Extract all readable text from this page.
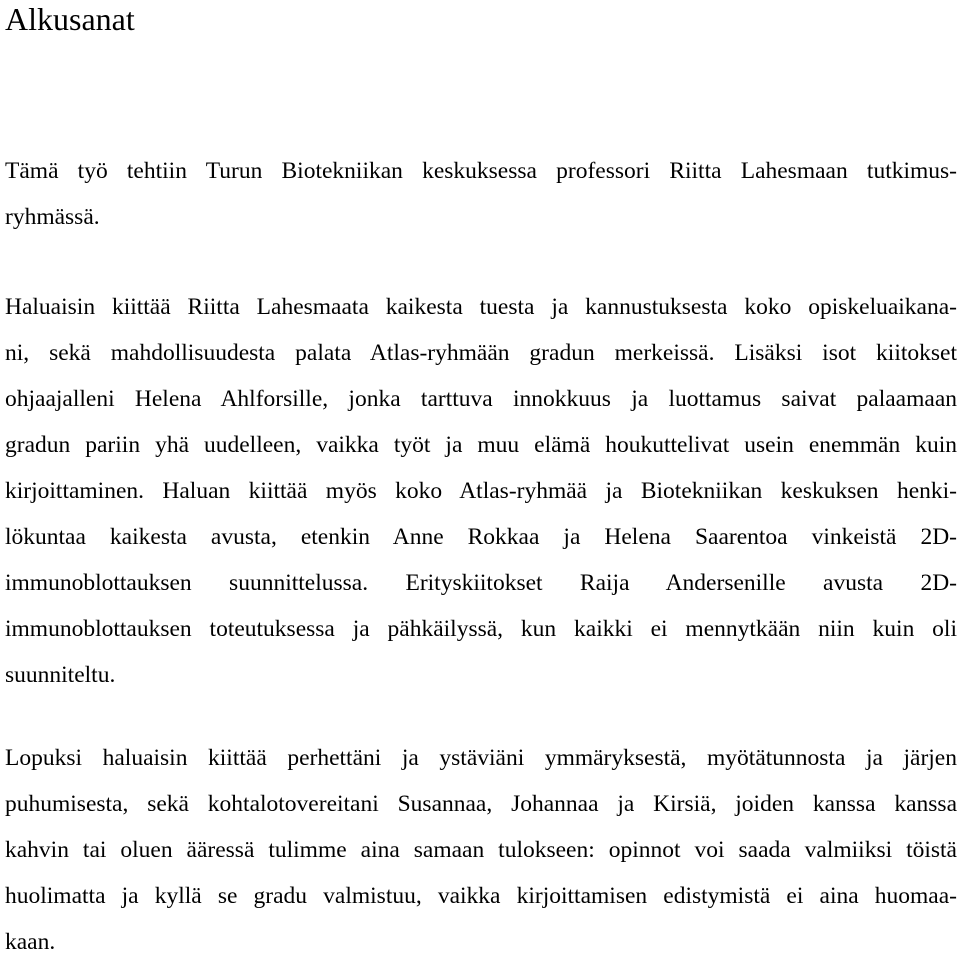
Alkusanat
Tämä työ tehtiin Turun Biotekniikan keskuksessa professori Riitta Lahesmaan tutkimus-
ryhmässä.
Haluaisin kiittää Riitta Lahesmaata kaikesta tuesta ja kannustuksesta koko opiskeluaikana-
ni, sekä mahdollisuudesta palata Atlas-ryhmään gradun merkeissä. Lisäksi isot kiitokset
ohjaajalleni Helena Ahlforsille, jonka tarttuva innokkuus ja luottamus saivat palaamaan
gradun pariin yhä uudelleen, vaikka työt ja muu elämä houkuttelivat usein enemmän kuin
kirjoittaminen. Haluan kiittää myös koko Atlas-ryhmää ja Biotekniikan keskuksen henki-
lökuntaa kaikesta avusta, etenkin Anne Rokkaa ja Helena Saarentoa vinkeistä 2D-
immunoblottauksen suunnittelussa. Erityskiitokset Raija Andersenille avusta 2D-
immunoblottauksen toteutuksessa ja pähkäilyssä, kun kaikki ei mennytkään niin kuin oli
suunniteltu.
Lopuksi haluaisin kiittää perhettäni ja ystäviäni ymmäryksestä, myötätunnosta ja järjen
puhumisesta, sekä kohtalotovereitani Susannaa, Johannaa ja Kirsiä, joiden kanssa kanssa
kahvin tai oluen ääressä tulimme aina samaan tulokseen: opinnot voi saada valmiiksi töistä
huolimatta ja kyllä se gradu valmistuu, vaikka kirjoittamisen edistymistä ei aina huomaa-
kaan.
